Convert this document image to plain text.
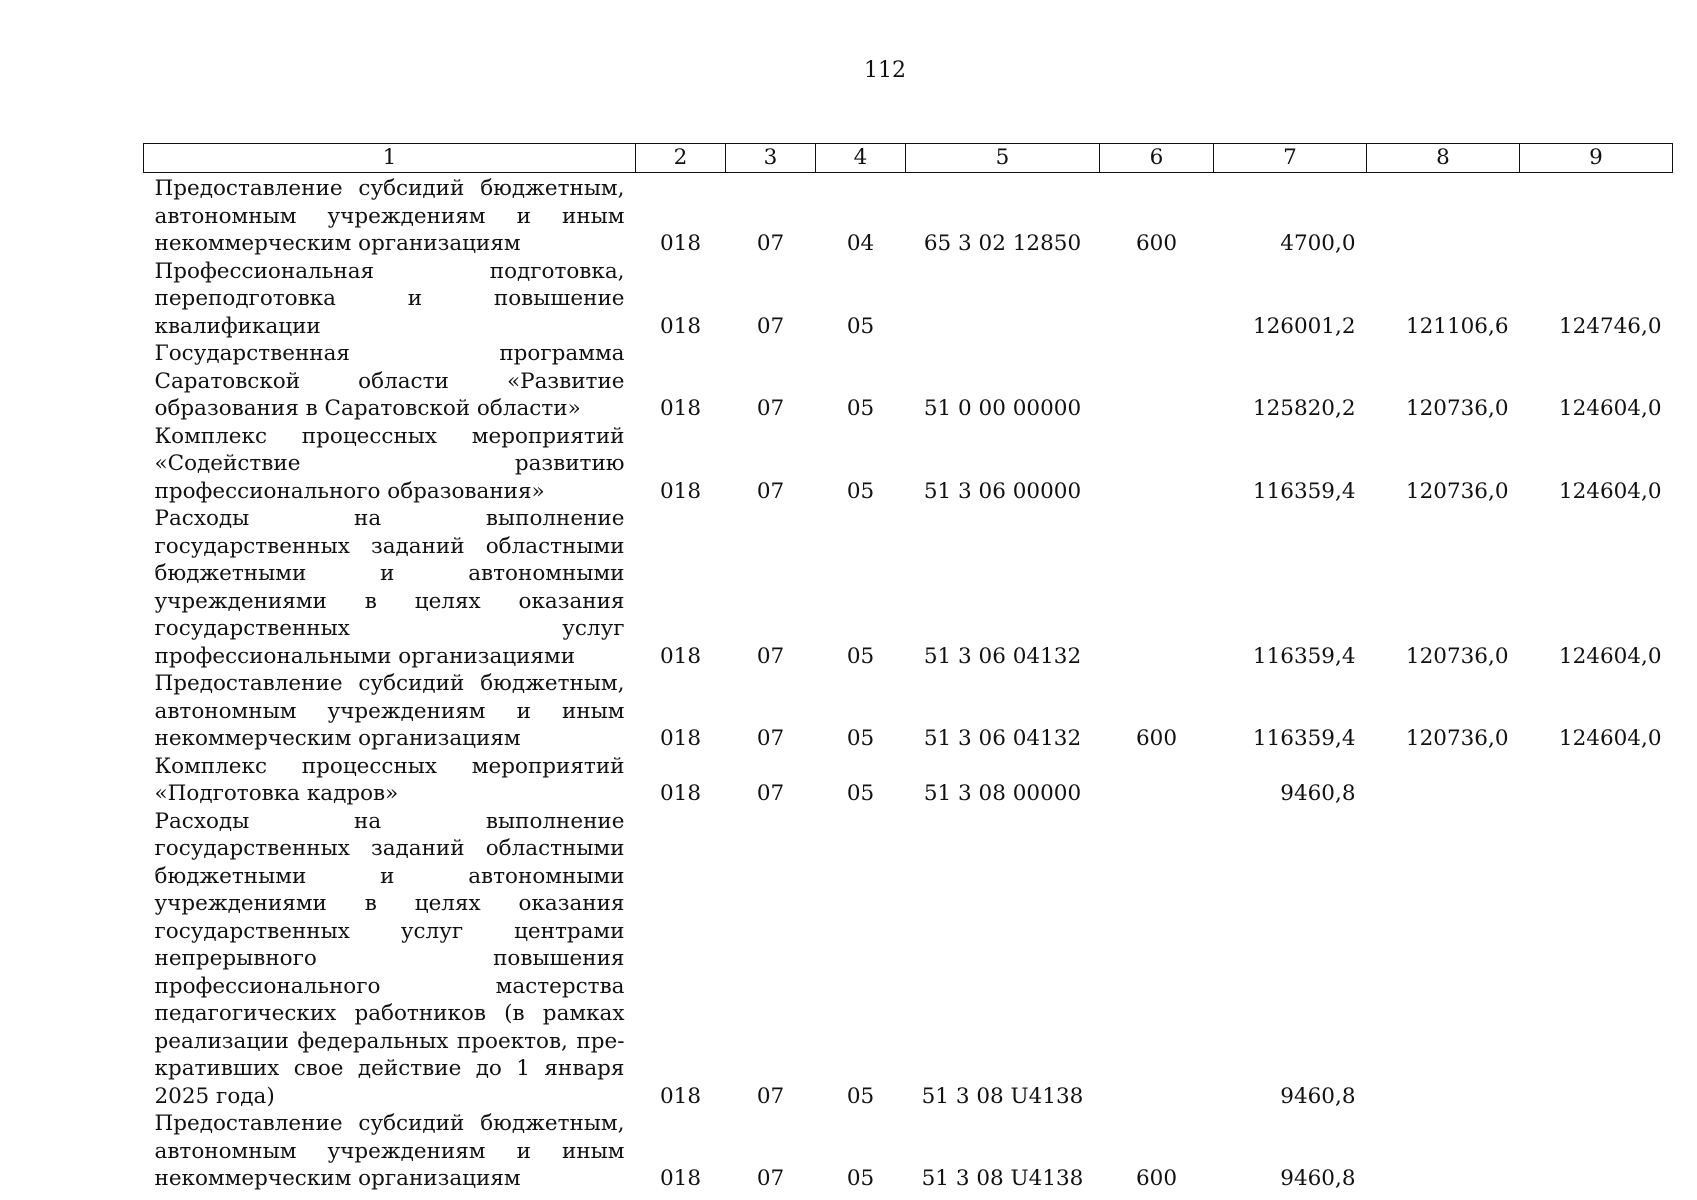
112
1	2	3	4	5	6	7	8	9
Предоставление субсидий бюджетным, автономным учреждениям и иным некоммерческим организациям	018	07	04	65 3 02 12850	600	4700,0		
Профессиональная подготовка, переподготовка и повышение квалификации	018	07	05			126001,2	121106,6	124746,0
Государственная программа Саратовской области «Развитие образования в Саратовской области»	018	07	05	51 0 00 00000		125820,2	120736,0	124604,0
Комплекс процессных мероприятий «Содействие развитию профессионального образования»	018	07	05	51 3 06 00000		116359,4	120736,0	124604,0
Расходы на выполнение государственных заданий областными бюджетными и автономными учреждениями в целях оказания государственных услуг профессиональными организациями	018	07	05	51 3 06 04132		116359,4	120736,0	124604,0
Предоставление субсидий бюджетным, автономным учреждениям и иным некоммерческим организациям	018	07	05	51 3 06 04132	600	116359,4	120736,0	124604,0
Комплекс процессных мероприятий «Подготовка кадров»	018	07	05	51 3 08 00000		9460,8		
Расходы на выполнение государственных заданий областными бюджетными и автономными учреждениями в целях оказания государственных услуг центрами непрерывного повышения профессионального мастерства педагогических работников (в рамках реализации федеральных проектов, прекративших свое действие до 1 января 2025 года)	018	07	05	51 3 08 U4138		9460,8		
Предоставление субсидий бюджетным, автономным учреждениям и иным некоммерческим организациям	018	07	05	51 3 08 U4138	600	9460,8		
